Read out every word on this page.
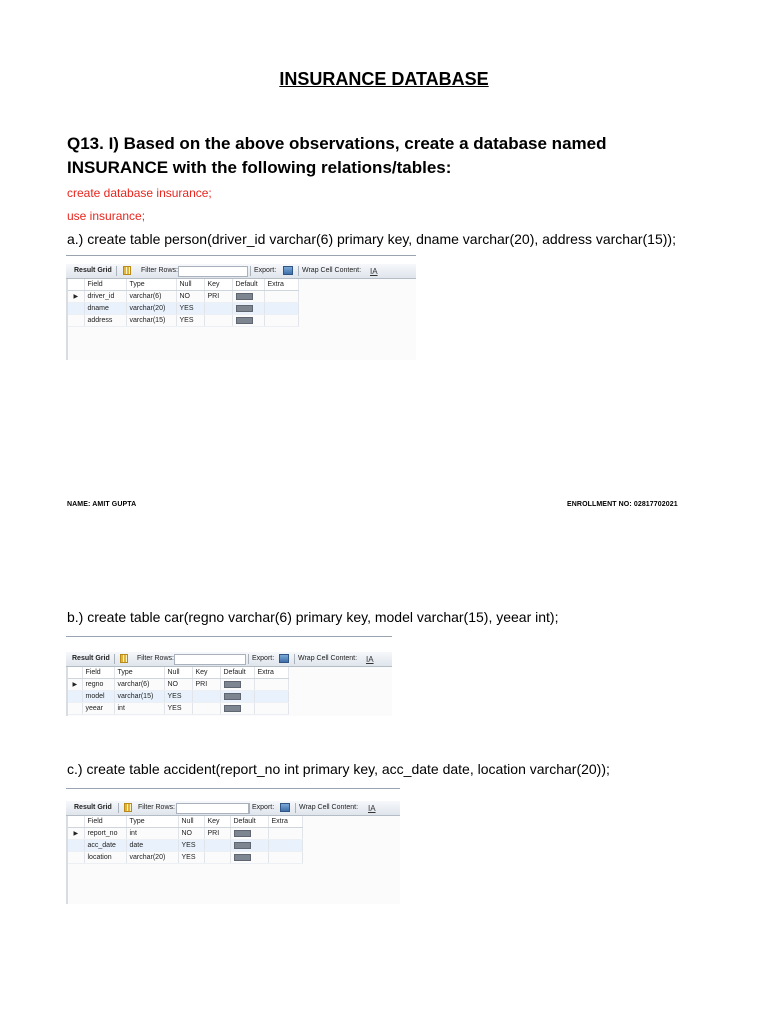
INSURANCE DATABASE
Q13. I) Based on the above observations, create a database named
INSURANCE with the following relations/tables:
create database insurance;
use insurance;
a.) create table person(driver_id varchar(6) primary key, dname varchar(20), address varchar(15));
Result Grid	Filter Rows:	Export:	Wrap Cell Content: IA
	Field	Type	Null	Key	Default	Extra
▶	driver_id	varchar(6)	NO	PRI		
	dname	varchar(20)	YES			
	address	varchar(15)	YES			
NAME: AMIT GUPTA	ENROLLMENT NO: 02817702021
b.) create table car(regno varchar(6) primary key, model varchar(15), yeear int);
Result Grid	Filter Rows:	Export:	Wrap Cell Content: IA
	Field	Type	Null	Key	Default	Extra
▶	regno	varchar(6)	NO	PRI		
	model	varchar(15)	YES			
	yeear	int	YES			
c.) create table accident(report_no int primary key, acc_date date, location varchar(20));
Result Grid	Filter Rows:	Export:	Wrap Cell Content: IA
	Field	Type	Null	Key	Default	Extra
▶	report_no	int	NO	PRI		
	acc_date	date	YES			
	location	varchar(20)	YES			
